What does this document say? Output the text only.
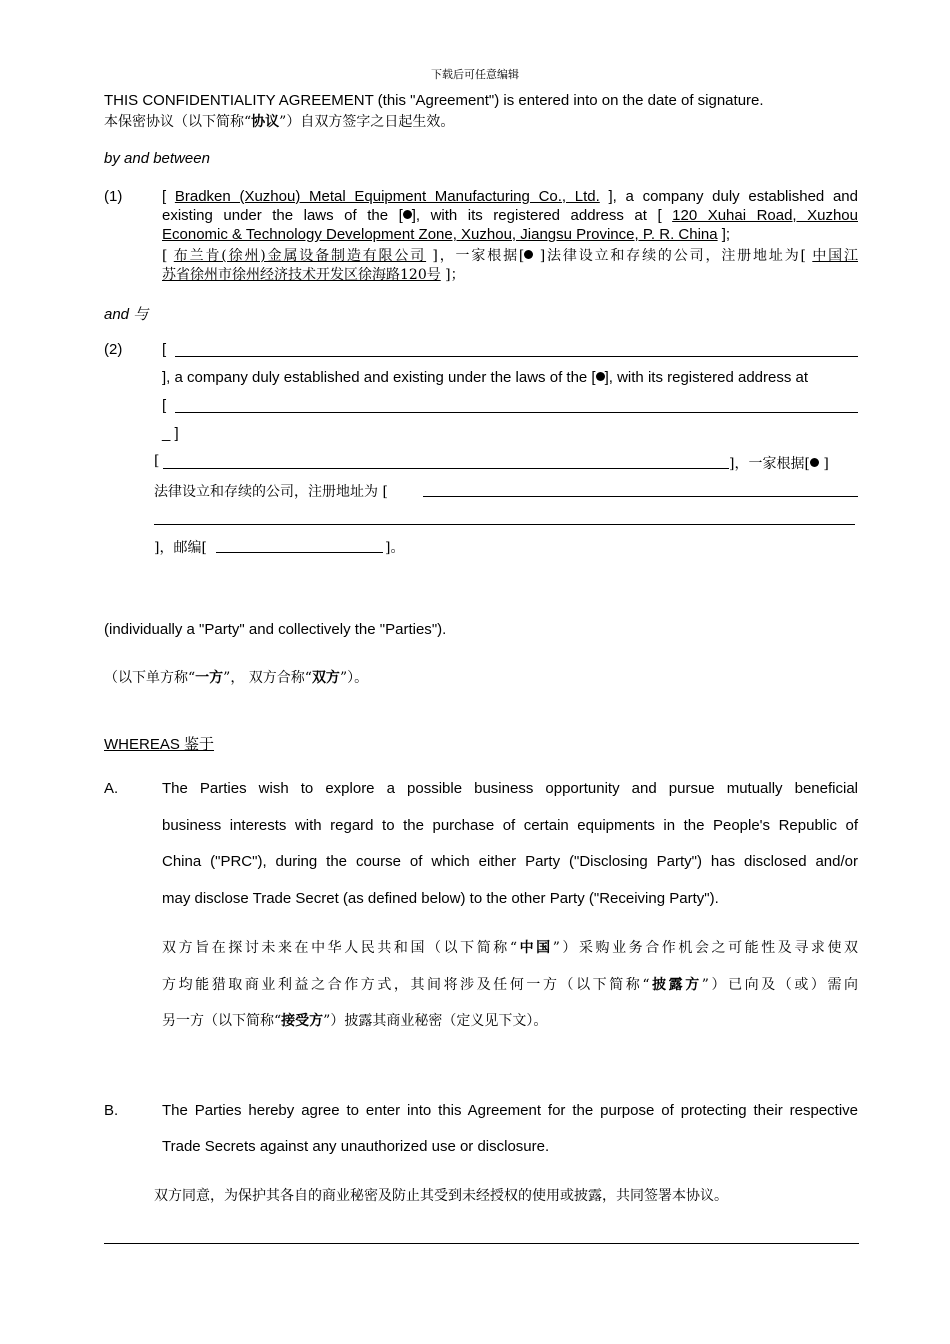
下载后可任意编辑
THIS CONFIDENTIALITY AGREEMENT (this "Agreement") is entered into on the date of signature.
本保密协议（以下简称“协议”）自双方签字之日起生效。
by and between
(1)	[ Bradken (Xuzhou) Metal Equipment Manufacturing Co., Ltd. ], a company duly established and
existing under the laws of the [ ], with its registered address at [ 120 Xuhai Road, Xuzhou
Economic & Technology Development Zone, Xuzhou, Jiangsu Province, P. R. China ];
[ 布兰肯(徐州)金属设备制造有限公司 ]，一家根据[ ]法律设立和存续的公司，注册地址为[ 中国江
苏省徐州市徐州经济技术开发区徐海路120号 ]；
and 与
(2)	[
], a company duly established and existing under the laws of the [ ], with its registered address at
[
_ ]
[	]，一家根据[ ]
法律设立和存续的公司，注册地址为 [
]，邮编[	]。
(individually a "Party" and collectively the "Parties").
（以下单方称“一方”， 双方合称“双方”）。
WHEREAS 鉴于
A.	The Parties wish to explore a possible business opportunity and pursue mutually beneficial
business interests with regard to the purchase of certain equipments in the People's Republic of
China ("PRC"), during the course of which either Party ("Disclosing Party") has disclosed and/or
may disclose Trade Secret (as defined below) to the other Party ("Receiving Party").
双方旨在探讨未来在中华人民共和国（以下简称“中国”）采购业务合作机会之可能性及寻求使双
方均能猎取商业利益之合作方式，其间将涉及任何一方（以下简称“披露方”）已向及（或）需向
另一方（以下简称“接受方”）披露其商业秘密（定义见下文）。
B.	The Parties hereby agree to enter into this Agreement for the purpose of protecting their respective
Trade Secrets against any unauthorized use or disclosure.
双方同意，为保护其各自的商业秘密及防止其受到未经授权的使用或披露，共同签署本协议。
